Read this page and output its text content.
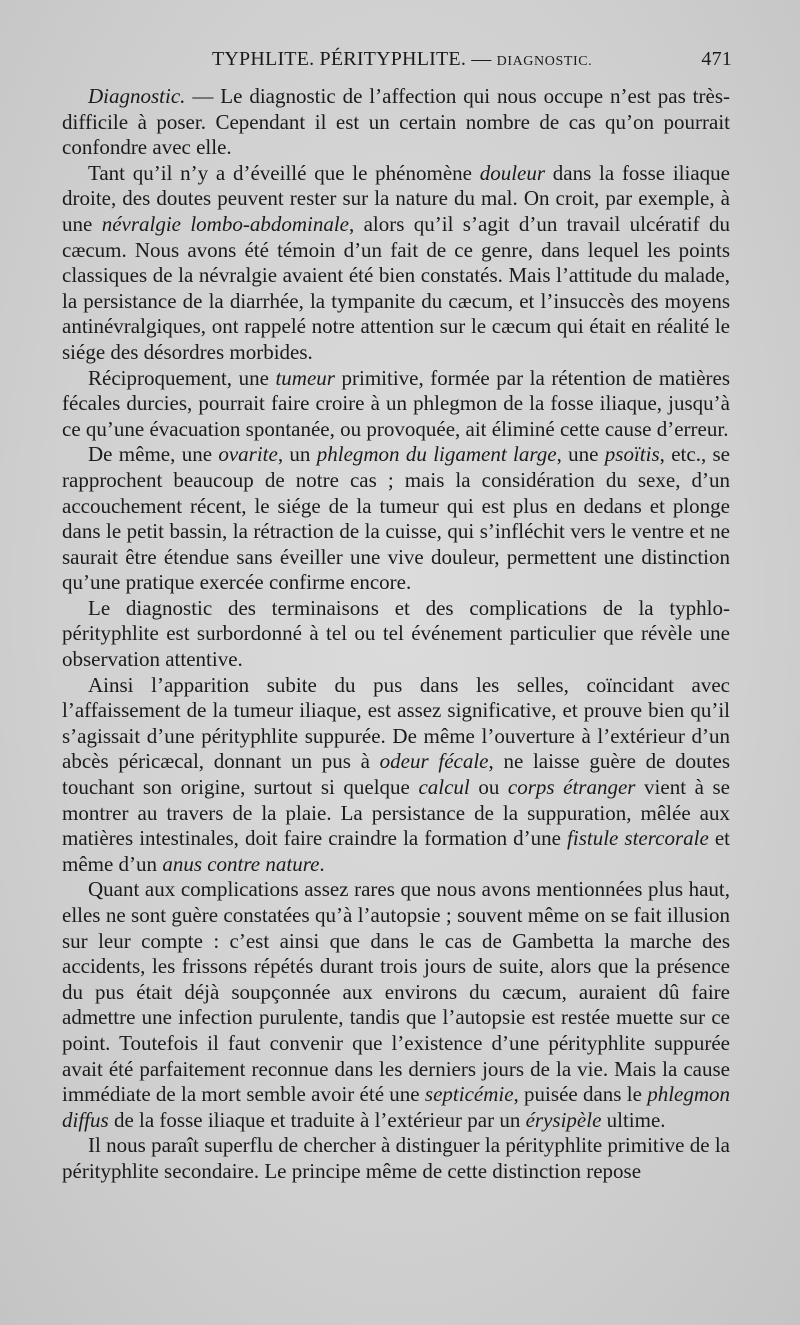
TYPHLITE. PÉRITYPHLITE. — DIAGNOSTIC.	471

Diagnostic. — Le diagnostic de l’affection qui nous occupe n’est pas très-difficile à poser. Cependant il est un certain nombre de cas qu’on pourrait confondre avec elle.

Tant qu’il n’y a d’éveillé que le phénomène douleur dans la fosse iliaque droite, des doutes peuvent rester sur la nature du mal. On croit, par exemple, à une névralgie lombo-abdominale, alors qu’il s’agit d’un travail ulcératif du cæcum. Nous avons été témoin d’un fait de ce genre, dans lequel les points classiques de la névralgie avaient été bien constatés. Mais l’attitude du malade, la persistance de la diarrhée, la tympanite du cæcum, et l’insuccès des moyens antinévralgiques, ont rappelé notre attention sur le cæcum qui était en réalité le siége des désordres morbides.

Réciproquement, une tumeur primitive, formée par la rétention de matières fécales durcies, pourrait faire croire à un phlegmon de la fosse iliaque, jusqu’à ce qu’une évacuation spontanée, ou provoquée, ait éliminé cette cause d’erreur.

De même, une ovarite, un phlegmon du ligament large, une psoïtis, etc., se rapprochent beaucoup de notre cas ; mais la considération du sexe, d’un accouchement récent, le siége de la tumeur qui est plus en dedans et plonge dans le petit bassin, la rétraction de la cuisse, qui s’infléchit vers le ventre et ne saurait être étendue sans éveiller une vive douleur, permettent une distinction qu’une pratique exercée confirme encore.

Le diagnostic des terminaisons et des complications de la typhlo-pérityphlite est surbordonné à tel ou tel événement particulier que révèle une observation attentive.

Ainsi l’apparition subite du pus dans les selles, coïncidant avec l’affaissement de la tumeur iliaque, est assez significative, et prouve bien qu’il s’agissait d’une pérityphlite suppurée. De même l’ouverture à l’extérieur d’un abcès péricæcal, donnant un pus à odeur fécale, ne laisse guère de doutes touchant son origine, surtout si quelque calcul ou corps étranger vient à se montrer au travers de la plaie. La persistance de la suppuration, mêlée aux matières intestinales, doit faire craindre la formation d’une fistule stercorale et même d’un anus contre nature.

Quant aux complications assez rares que nous avons mentionnées plus haut, elles ne sont guère constatées qu’à l’autopsie ; souvent même on se fait illusion sur leur compte : c’est ainsi que dans le cas de Gambetta la marche des accidents, les frissons répétés durant trois jours de suite, alors que la présence du pus était déjà soupçonnée aux environs du cæcum, auraient dû faire admettre une infection purulente, tandis que l’autopsie est restée muette sur ce point. Toutefois il faut convenir que l’existence d’une pérityphlite suppurée avait été parfaitement reconnue dans les derniers jours de la vie. Mais la cause immédiate de la mort semble avoir été une septicémie, puisée dans le phlegmon diffus de la fosse iliaque et traduite à l’extérieur par un érysipèle ultime.

Il nous paraît superflu de chercher à distinguer la pérityphlite primitive de la pérityphlite secondaire. Le principe même de cette distinction repose
